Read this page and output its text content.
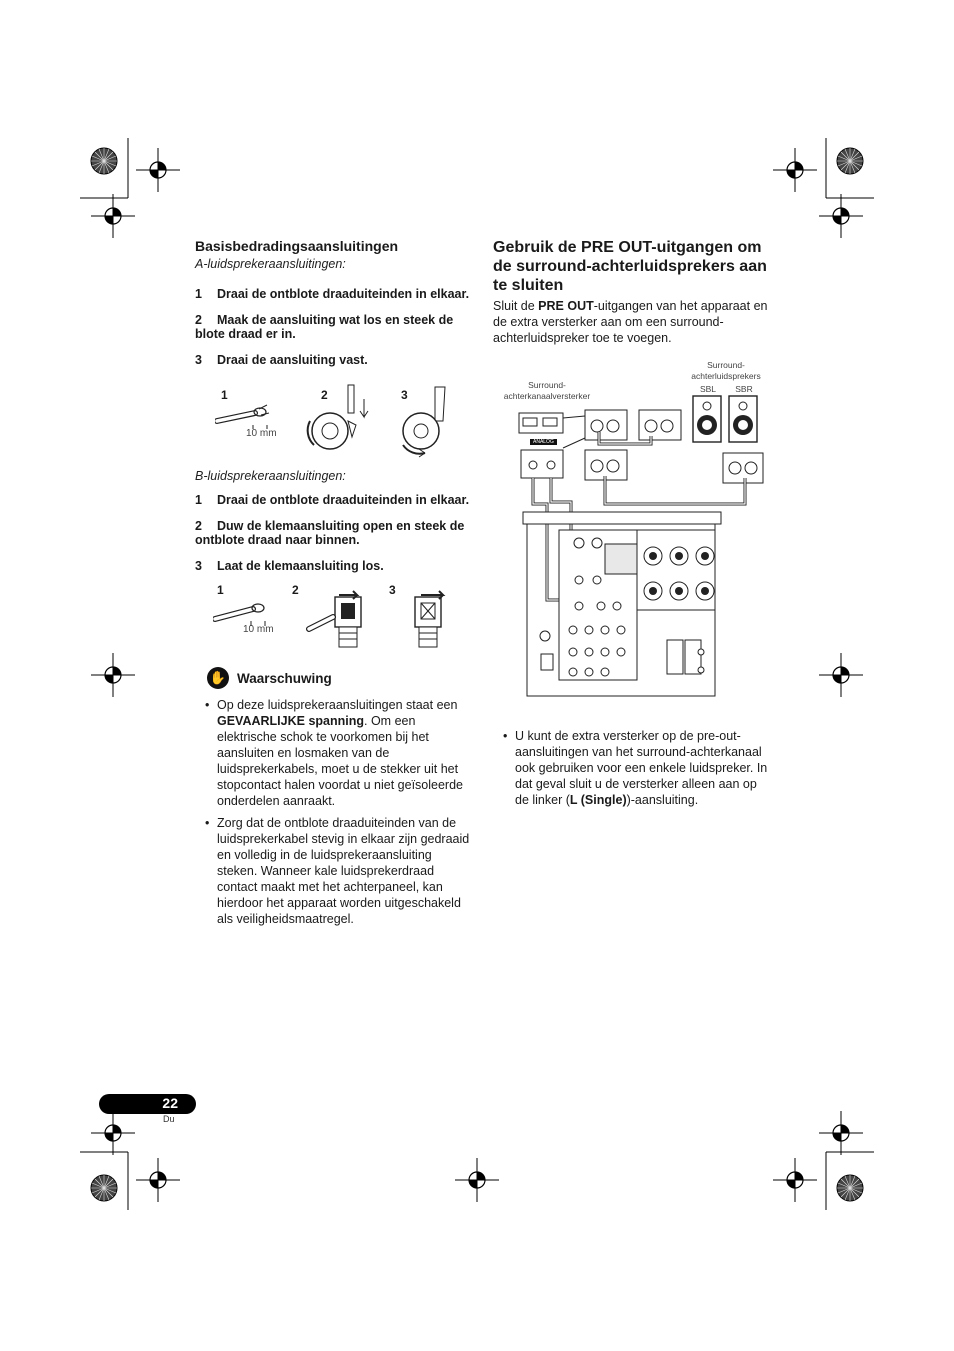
Basisbedradingsaansluitingen
A-luidsprekeraansluitingen:
1 Draai de ontblote draaduiteinden in elkaar.
2 Maak de aansluiting wat los en steek de blote draad er in.
3 Draai de aansluiting vast.
1	2	3
10 mm
B-luidsprekeraansluitingen:
1 Draai de ontblote draaduiteinden in elkaar.
2 Duw de klemaansluiting open en steek de ontblote draad naar binnen.
3 Laat de klemaansluiting los.
1	2	3
10 mm
✋ Waarschuwing
• Op deze luidsprekeraansluitingen staat een GEVAARLIJKE spanning. Om een elektrische schok te voorkomen bij het aansluiten en losmaken van de luidsprekerkabels, moet u de stekker uit het stopcontact halen voordat u niet geïsoleerde onderdelen aanraakt.
• Zorg dat de ontblote draaduiteinden van de luidsprekerkabel stevig in elkaar zijn gedraaid en volledig in de luidsprekeraansluiting steken. Wanneer kale luidsprekerdraad contact maakt met het achterpaneel, kan hierdoor het apparaat worden uitgeschakeld als veiligheidsmaatregel.
Gebruik de PRE OUT-uitgangen om de surround-achterluidsprekers aan te sluiten

Sluit de PRE OUT-uitgangen van het apparaat en de extra versterker aan om een surround-achterluidspreker toe te voegen.

Surround-achterkanaalversterker
Surround-achterluidsprekers
SBL SBR
ANALOG
• U kunt de extra versterker op de pre-out-aansluitingen van het surround-achterkanaal ook gebruiken voor een enkele luidspreker. In dat geval sluit u de versterker alleen aan op de linker (L (Single))-aansluiting.
22
Du
